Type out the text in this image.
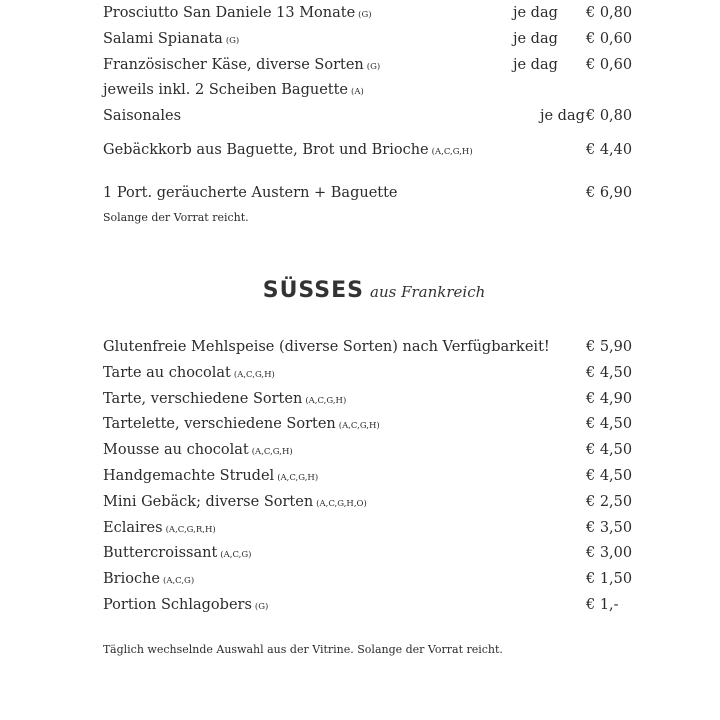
Prosciutto San Daniele 13 Monate (G)	je dag € 0,80
Salami Spianata (G)	je dag € 0,60
Französischer Käse, diverse Sorten (G)	je dag € 0,60
jeweils inkl. 2 Scheiben Baguette (A)
Saisonales	je dag € 0,80
Gebäckkorb aus Baguette, Brot und Brioche (A,C,G,H)	€ 4,40
1 Port. geräucherte Austern + Baguette	€ 6,90
Solange der Vorrat reicht.
SÜSSES aus Frankreich
Glutenfreie Mehlspeise (diverse Sorten) nach Verfügbarkeit!	€ 5,90
Tarte au chocolat (A,C,G,H)	€ 4,50
Tarte, verschiedene Sorten (A,C,G,H)	€ 4,90
Tartelette, verschiedene Sorten (A,C,G,H)	€ 4,50
Mousse au chocolat (A,C,G,H)	€ 4,50
Handgemachte Strudel (A,C,G,H)	€ 4,50
Mini Gebäck; diverse Sorten (A,C,G,H,O)	€ 2,50
Eclaires (A,C,G,R,H)	€ 3,50
Buttercroissant (A,C,G)	€ 3,00
Brioche (A,C,G)	€ 1,50
Portion Schlagobers (G)	€ 1,-
Täglich wechselnde Auswahl aus der Vitrine. Solange der Vorrat reicht.
